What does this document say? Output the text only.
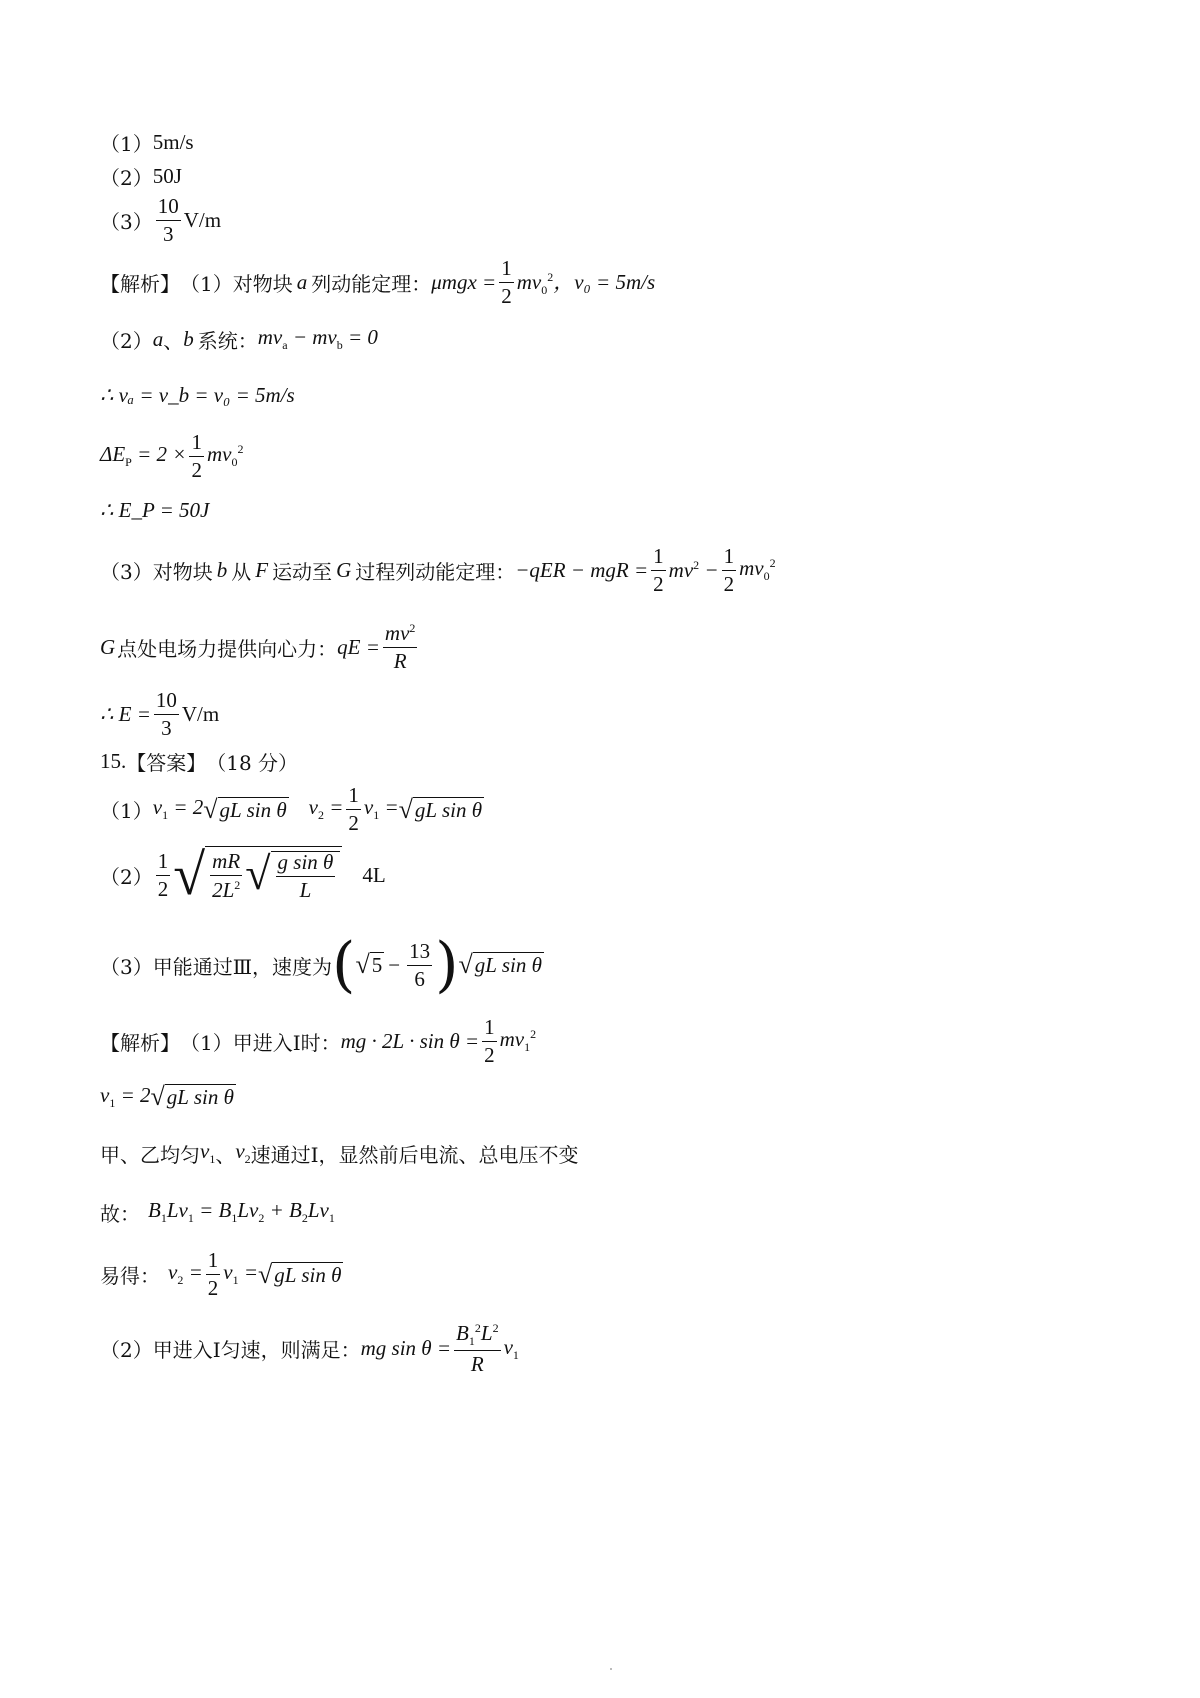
（1） 5m/s
（2） 50J
$(3) \frac{10}{3} V/m$
【解析】 （1）对物块 a 列动能定理： $\mu mgx = \frac{1}{2} mv_0^2$， v₀ = 5m/s
（2） a 、 b 系统： $mv_a - mv_b = 0$
∴ vₐ = v_b = v₀ = 5m/s
$\Delta E_P = 2 \times \frac{1}{2} mv_0^2$
∴ E_P = 50J
（3）对物块 b 从 F 运动至 G 过程列动能定理： −qER − mgR = $\frac{1}{2} mv^2 - \frac{1}{2} mv_0^2$
G 点处电场力提供向心力： qE = $\frac{mv^2}{R}$
∴ $E = \frac{10}{3} V/m$
15. 【答案】 （18 分）
（1） $v_1 = 2$ √ gL sin θ $v_2 = \frac{1}{2} v_1$ = √ gL sin θ
$(2) \frac{1}{2}$ √ $\frac{mR}{2L^2}$ √ $\frac{\text{g sin θ}}{L} 4L$
（3） 甲能通过Ⅲ，速度为 ( √ $5 - \frac{13}{6}$ ) √ gL sin θ
【解析】 （1）甲进入Ⅰ时： mg · $2L \cdot \sin \theta = \frac{1}{2} mv_1^2$
$v_1 = 2$ √ gL sin θ
甲、乙均匀 $v_1$ 、 $v_2$ 速通过Ⅰ，显然前后电流、总电压不变
故： $B_1Lv_1 = B_1Lv_2 + B_2Lv_1$
易得： $v_2 = \frac{1}{2} v_1$ = √ gL sin θ
（2）甲进入Ⅰ匀速，则满足： mg $\sin \theta = \frac{B_1^2L^2}{R} v_1$
